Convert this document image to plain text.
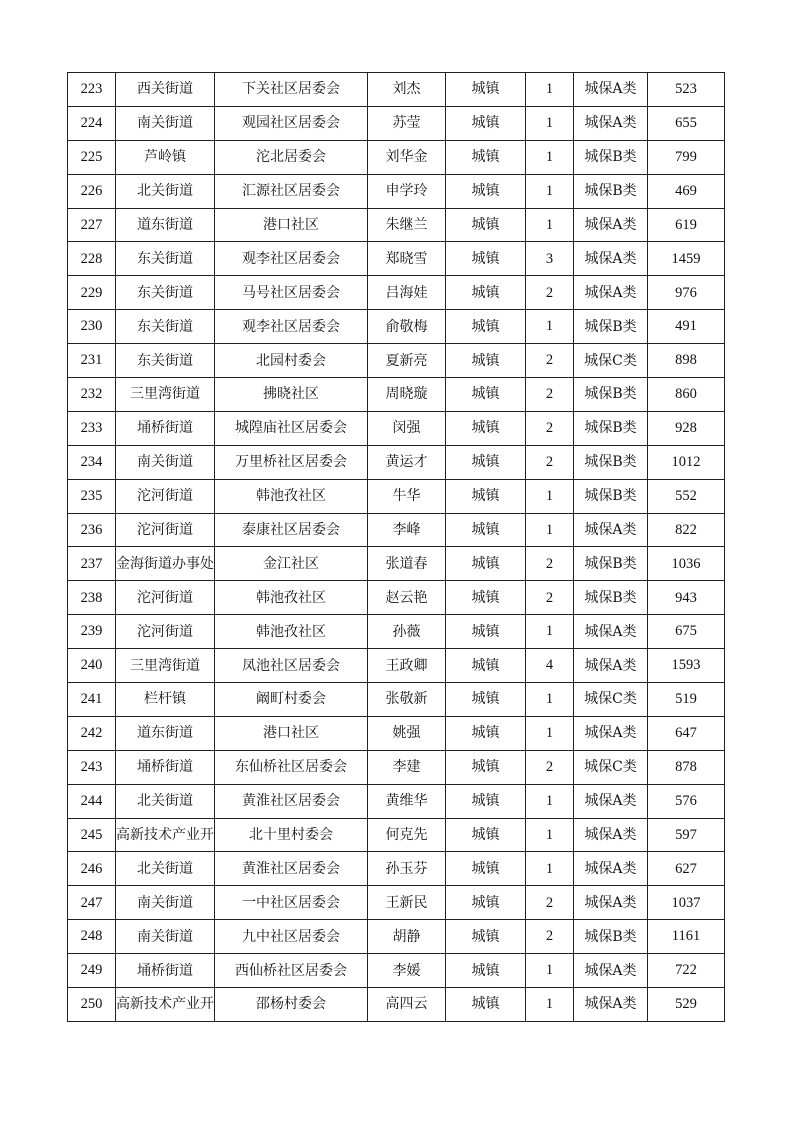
223	西关街道	下关社区居委会	刘杰	城镇	1	城保A类	523
224	南关街道	观园社区居委会	苏莹	城镇	1	城保A类	655
225	芦岭镇	沱北居委会	刘华金	城镇	1	城保B类	799
226	北关街道	汇源社区居委会	申学玲	城镇	1	城保B类	469
227	道东街道	港口社区	朱继兰	城镇	1	城保A类	619
228	东关街道	观李社区居委会	郑晓雪	城镇	3	城保A类	1459
229	东关街道	马号社区居委会	吕海娃	城镇	2	城保A类	976
230	东关街道	观李社区居委会	俞敬梅	城镇	1	城保B类	491
231	东关街道	北园村委会	夏新亮	城镇	2	城保C类	898
232	三里湾街道	拂晓社区	周晓璇	城镇	2	城保B类	860
233	埇桥街道	城隍庙社区居委会	闵强	城镇	2	城保B类	928
234	南关街道	万里桥社区居委会	黄运才	城镇	2	城保B类	1012
235	沱河街道	韩池孜社区	牛华	城镇	1	城保B类	552
236	沱河街道	泰康社区居委会	李峰	城镇	1	城保A类	822
237	金海街道办事处	金江社区	张道春	城镇	2	城保B类	1036
238	沱河街道	韩池孜社区	赵云艳	城镇	2	城保B类	943
239	沱河街道	韩池孜社区	孙薇	城镇	1	城保A类	675
240	三里湾街道	凤池社区居委会	王政卿	城镇	4	城保A类	1593
241	栏杆镇	阚町村委会	张敬新	城镇	1	城保C类	519
242	道东街道	港口社区	姚强	城镇	1	城保A类	647
243	埇桥街道	东仙桥社区居委会	李建	城镇	2	城保C类	878
244	北关街道	黄淮社区居委会	黄维华	城镇	1	城保A类	576
245	高新技术产业开	北十里村委会	何克先	城镇	1	城保A类	597
246	北关街道	黄淮社区居委会	孙玉芬	城镇	1	城保A类	627
247	南关街道	一中社区居委会	王新民	城镇	2	城保A类	1037
248	南关街道	九中社区居委会	胡静	城镇	2	城保B类	1161
249	埇桥街道	西仙桥社区居委会	李媛	城镇	1	城保A类	722
250	高新技术产业开	邵杨村委会	高四云	城镇	1	城保A类	529
